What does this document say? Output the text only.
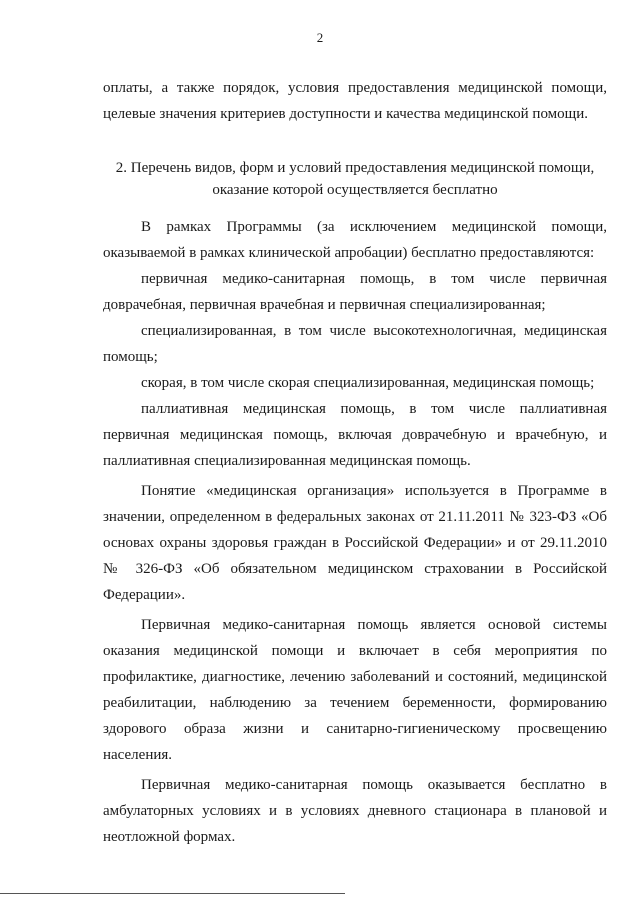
2
оплаты, а также порядок, условия предоставления медицинской помощи, целевые значения критериев доступности и качества медицинской помощи.
2. Перечень видов, форм и условий предоставления медицинской помощи,
оказание которой осуществляется бесплатно

В рамках Программы (за исключением медицинской помощи, оказываемой в рамках клинической апробации) бесплатно предоставляются:

первичная медико-санитарная помощь, в том числе первичная доврачебная, первичная врачебная и первичная специализированная;

специализированная, в том числе высокотехнологичная, медицинская помощь;

скорая, в том числе скорая специализированная, медицинская помощь;

паллиативная медицинская помощь, в том числе паллиативная первичная медицинская помощь, включая доврачебную и врачебную, и паллиативная специализированная медицинская помощь.

Понятие «медицинская организация» используется в Программе в значении, определенном в федеральных законах от 21.11.2011 № 323-ФЗ «Об основах охраны здоровья граждан в Российской Федерации» и от 29.11.2010 № 326-ФЗ «Об обязательном медицинском страховании в Российской Федерации».

Первичная медико-санитарная помощь является основой системы оказания медицинской помощи и включает в себя мероприятия по профилактике, диагностике, лечению заболеваний и состояний, медицинской реабилитации, наблюдению за течением беременности, формированию здорового образа жизни и санитарно-гигиеническому просвещению населения.

Первичная медико-санитарная помощь оказывается бесплатно в амбулаторных условиях и в условиях дневного стационара в плановой и неотложной формах.
